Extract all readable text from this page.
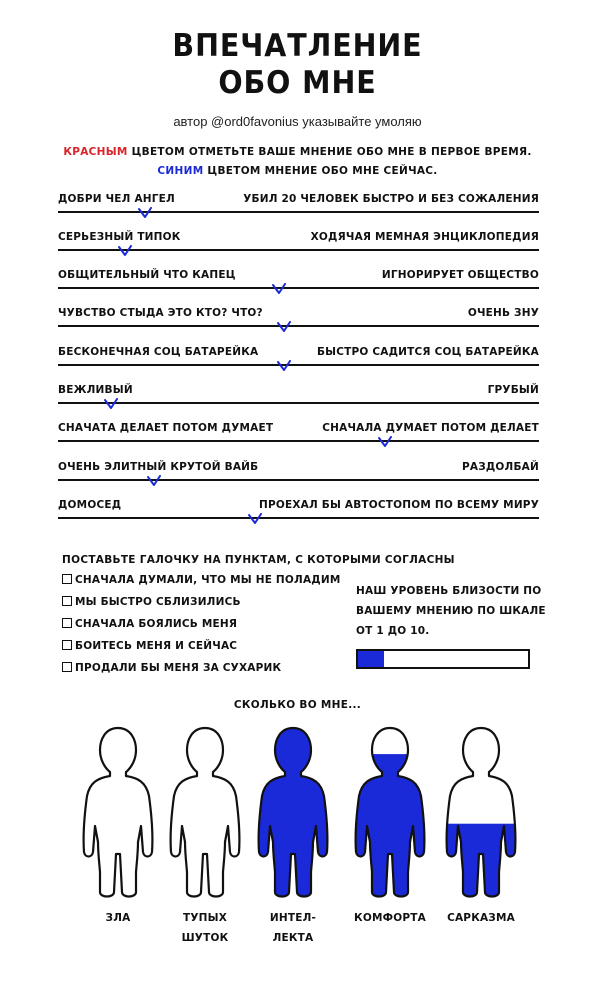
ВПЕЧАТЛЕНИЕ
ОБО МНЕ
автор @ord0favonius указывайте умоляю
КРАСНЫМ ЦВЕТОМ ОТМЕТЬТЕ ВАШЕ МНЕНИЕ ОБО МНЕ В ПЕРВОЕ ВРЕМЯ.
СИНИМ ЦВЕТОМ МНЕНИЕ ОБО МНЕ СЕЙЧАС.
ДОБРИ ЧЕЛ АНГЕЛ	УБИЛ 20 ЧЕЛОВЕК БЫСТРО И БЕЗ СОЖАЛЕНИЯ
СЕРЬЕЗНЫЙ ТИПОК	ХОДЯЧАЯ МЕМНАЯ ЭНЦИКЛОПЕДИЯ
ОБЩИТЕЛЬНЫЙ ЧТО КАПЕЦ	ИГНОРИРУЕТ ОБЩЕСТВО
ЧУВСТВО СТЫДА ЭТО КТО? ЧТО?	ОЧЕНЬ ЗНУ
БЕСКОНЕЧНАЯ СОЦ БАТАРЕЙКА	БЫСТРО САДИТСЯ СОЦ БАТАРЕЙКА
ВЕЖЛИВЫЙ	ГРУБЫЙ
СНАЧАТА ДЕЛАЕТ ПОТОМ ДУМАЕТ	СНАЧАЛА ДУМАЕТ ПОТОМ ДЕЛАЕТ
ОЧЕНЬ ЭЛИТНЫЙ КРУТОЙ ВАЙБ	РАЗДОЛБАЙ
ДОМОСЕД	ПРОЕХАЛ БЫ АВТОСТОПОМ ПО ВСЕМУ МИРУ
ПОСТАВЬТЕ ГАЛОЧКУ НА ПУНКТАМ, С КОТОРЫМИ СОГЛАСНЫ
СНАЧАЛА ДУМАЛИ, ЧТО МЫ НЕ ПОЛАДИМ
МЫ БЫСТРО СБЛИЗИЛИСЬ
СНАЧАЛА БОЯЛИСЬ МЕНЯ
БОИТЕСЬ МЕНЯ И СЕЙЧАС
ПРОДАЛИ БЫ МЕНЯ ЗА СУХАРИК
НАШ УРОВЕНЬ БЛИЗОСТИ ПО
ВАШЕМУ МНЕНИЮ ПО ШКАЛЕ
ОТ 1 ДО 10.
СКОЛЬКО ВО МНЕ...
ЗЛА	ТУПЫХ
ШУТОК
ИНТЕЛ-
ЛЕКТА
КОМФОРТА	САРКАЗМА
